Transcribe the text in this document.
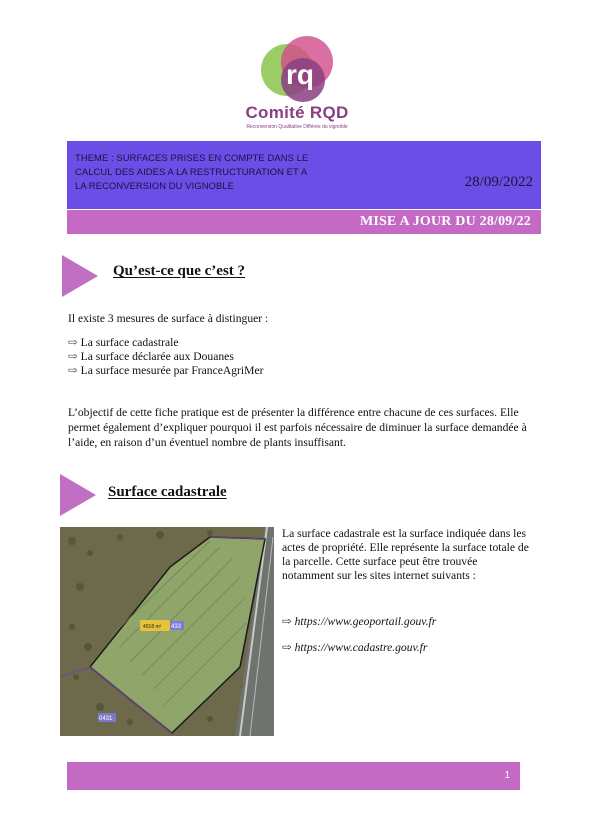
rq
Comité RQD
Reconversion Qualitative Différée du vignoble
THEME : SURFACES PRISES EN COMPTE DANS LE CALCUL DES AIDES A LA RESTRUCTURATION ET A LA RECONVERSION DU VIGNOBLE	28/09/2022
MISE A JOUR DU 28/09/22
Qu’est-ce que c’est ?
Il existe 3 mesures de surface à distinguer :
⇨ La surface cadastrale
⇨ La surface déclarée aux Douanes
⇨ La surface mesurée par FranceAgriMer
L’objectif de cette fiche pratique est de présenter la différence entre chacune de ces surfaces. Elle permet également d’expliquer pourquoi il est parfois nécessaire de diminuer la surface demandée à l’aide, en raison d’un éventuel nombre de plants insuffisant.
Surface cadastrale
4018 m² 433
0431
La surface cadastrale est la surface indiquée dans les actes de propriété. Elle représente la surface totale de la parcelle. Cette surface peut être trouvée notamment sur les sites internet suivants :
⇨ https://www.geoportail.gouv.fr
⇨ https://www.cadastre.gouv.fr
1
